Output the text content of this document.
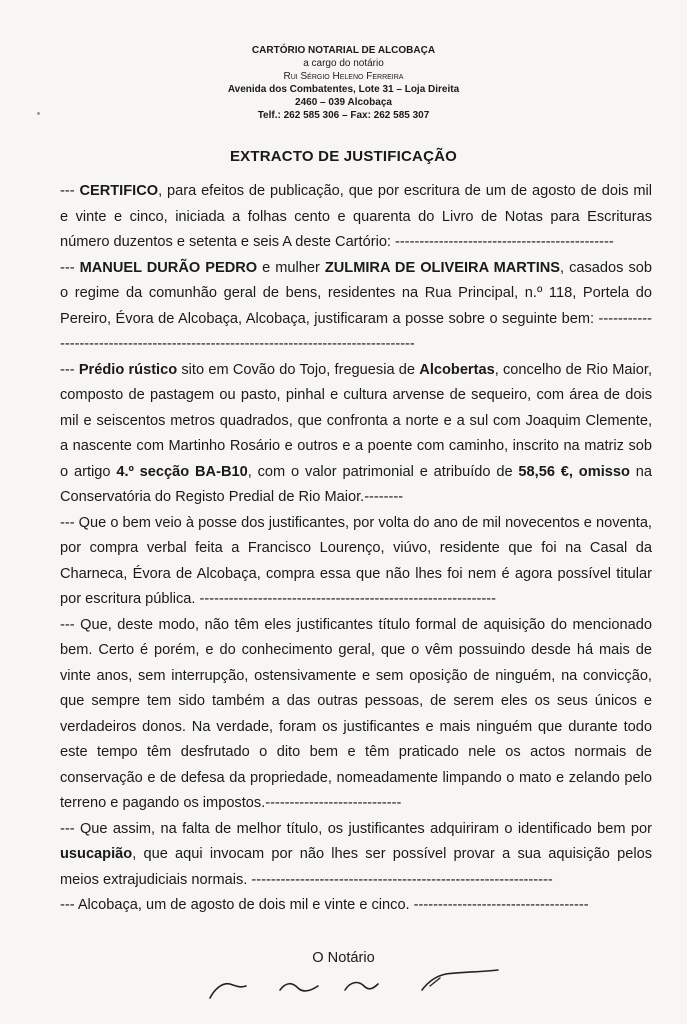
CARTÓRIO NOTARIAL DE ALCOBAÇA
a cargo do notário
Rui Sérgio Heleno Ferreira
Avenida dos Combatentes, Lote 31 – Loja Direita
2460 – 039 Alcobaça
Telf.: 262 585 306 – Fax: 262 585 307
EXTRACTO DE JUSTIFICAÇÃO

--- CERTIFICO, para efeitos de publicação, que por escritura de um de agosto de dois mil e vinte e cinco, iniciada a folhas cento e quarenta do Livro de Notas para Escrituras número duzentos e setenta e seis A deste Cartório: ---------------------------------------------

--- MANUEL DURÃO PEDRO e mulher ZULMIRA DE OLIVEIRA MARTINS, casados sob o regime da comunhão geral de bens, residentes na Rua Principal, n.º 118, Portela do Pereiro, Évora de Alcobaça, Alcobaça, justificaram a posse sobre o seguinte bem: ------------------------------------------------------------------------------------

--- Prédio rústico sito em Covão do Tojo, freguesia de Alcobertas, concelho de Rio Maior, composto de pastagem ou pasto, pinhal e cultura arvense de sequeiro, com área de dois mil e seiscentos metros quadrados, que confronta a norte e a sul com Joaquim Clemente, a nascente com Martinho Rosário e outros e a poente com caminho, inscrito na matriz sob o artigo 4.º secção BA-B10, com o valor patrimonial e atribuído de 58,56 €, omisso na Conservatória do Registo Predial de Rio Maior.--------

--- Que o bem veio à posse dos justificantes, por volta do ano de mil novecentos e noventa, por compra verbal feita a Francisco Lourenço, viúvo, residente que foi na Casal da Charneca, Évora de Alcobaça, compra essa que não lhes foi nem é agora possível titular por escritura pública. -------------------------------------------------------------

--- Que, deste modo, não têm eles justificantes título formal de aquisição do mencionado bem. Certo é porém, e do conhecimento geral, que o vêm possuindo desde há mais de vinte anos, sem interrupção, ostensivamente e sem oposição de ninguém, na convicção, que sempre tem sido também a das outras pessoas, de serem eles os seus únicos e verdadeiros donos. Na verdade, foram os justificantes e mais ninguém que durante todo este tempo têm desfrutado o dito bem e têm praticado nele os actos normais de conservação e de defesa da propriedade, nomeadamente limpando o mato e zelando pelo terreno e pagando os impostos.----------------------------

--- Que assim, na falta de melhor título, os justificantes adquiriram o identificado bem por usucapião, que aqui invocam por não lhes ser possível provar a sua aquisição pelos meios extrajudiciais normais. --------------------------------------------------------------

--- Alcobaça, um de agosto de dois mil e vinte e cinco. ------------------------------------

O Notário
